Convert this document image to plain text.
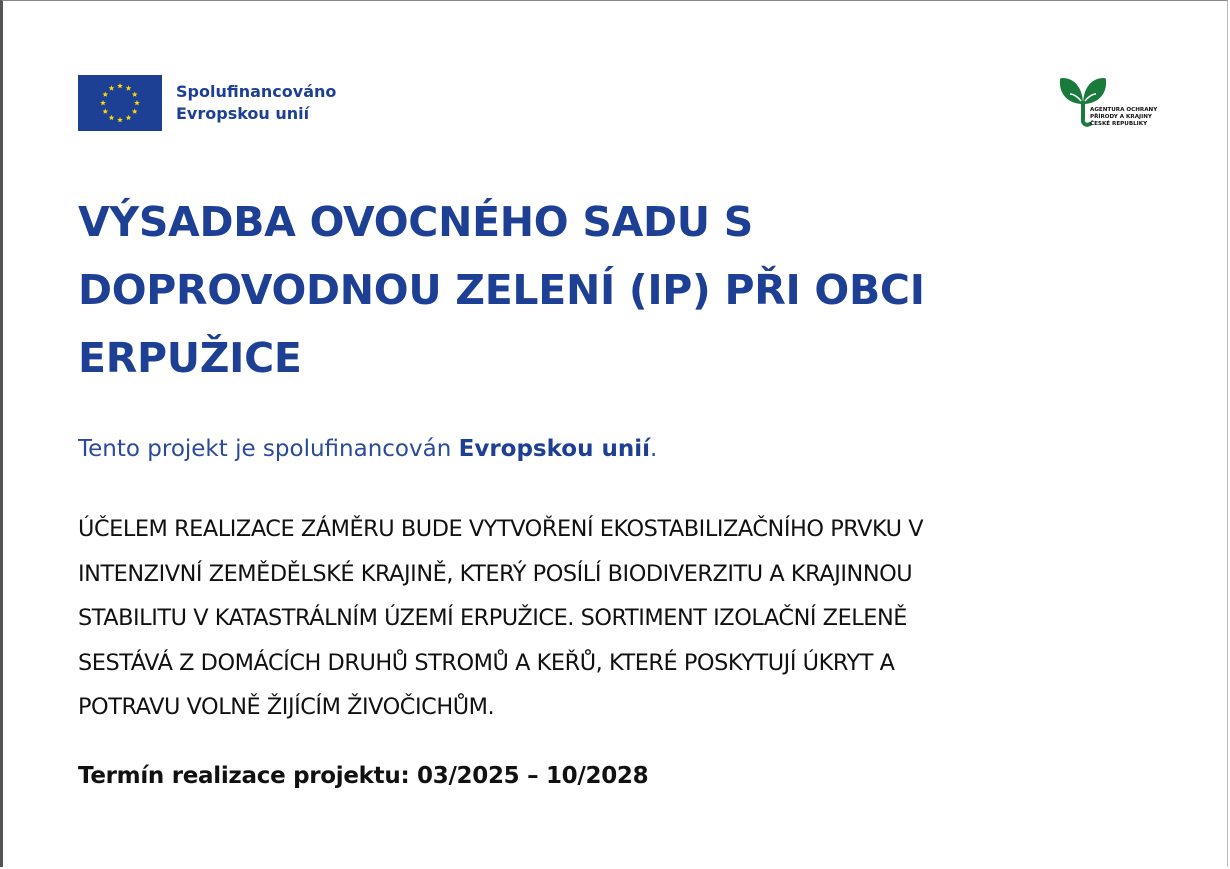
Spolufinancováno
Evropskou unií	AGENTURA OCHRANY
PŘÍRODY A KRAJINY
ČESKÉ REPUBLIKY
VÝSADBA OVOCNÉHO SADU S
DOPROVODNOU ZELENÍ (IP) PŘI OBCI
ERPUŽICE

Tento projekt je spolufinancován Evropskou unií.

ÚČELEM REALIZACE ZÁMĚRU BUDE VYTVOŘENÍ EKOSTABILIZAČNÍHO PRVKU V
INTENZIVNÍ ZEMĚDĚLSKÉ KRAJINĚ, KTERÝ POSÍLÍ BIODIVERZITU A KRAJINNOU
STABILITU V KATASTRÁLNÍM ÚZEMÍ ERPUŽICE. SORTIMENT IZOLAČNÍ ZELENĚ
SESTÁVÁ Z DOMÁCÍCH DRUHŮ STROMŮ A KEŘŮ, KTERÉ POSKYTUJÍ ÚKRYT A
POTRAVU VOLNĚ ŽIJÍCÍM ŽIVOČICHŮM.

Termín realizace projektu: 03/2025 – 10/2028
